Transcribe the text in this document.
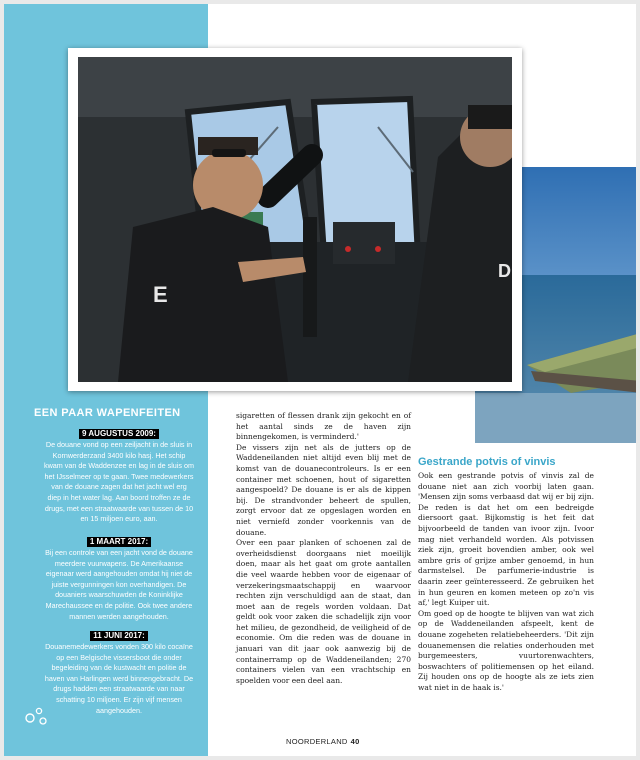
EEN PAAR WAPENFEITEN
9 AUGUSTUS 2009:

De douane vond op een zeiljacht in de sluis in Kornwerderzand 3400 kilo hasj. Het schip kwam van de Waddenzee en lag in de sluis om het IJsselmeer op te gaan. Twee medewerkers van de douane zagen dat het jacht wel erg diep in het water lag. Aan boord troffen ze de drugs, met een straatwaarde van tussen de 10 en 15 miljoen euro, aan.

1 MAART 2017:

Bij een controle van een jacht vond de douane meerdere vuurwapens. De Amerikaanse eigenaar werd aangehouden omdat hij niet de juiste vergunningen kon overhandigen. De douaniers waarschuwden de Koninklijke Marechaussee en de politie. Ook twee andere mannen werden aangehouden.

11 JUNI 2017:

Douanemedewerkers vonden 300 kilo cocaïne op een Belgische vissersboot die onder begeleiding van de kustwacht en politie de haven van Harlingen werd binnengebracht. De drugs hadden een straatwaarde van naar schatting 10 miljoen. Er zijn vijf mensen aangehouden.

E
D

sigaretten of flessen drank zijn gekocht en of het aantal sinds ze de haven zijn binnengekomen, is verminderd.'

De vissers zijn net als de jutters op de Waddeneilanden niet altijd even blij met de komst van de douanecontroleurs. Is er een container met schoenen, hout of sigaretten aangespoeld? De douane is er als de kippen bij. De strandvonder beheert de spullen, zorgt ervoor dat ze opgeslagen worden en niet verniefd zonder voorkennis van de douane.

Over een paar planken of schoenen zal de overheidsdienst doorgaans niet moeilijk doen, maar als het gaat om grote aantallen die veel waarde hebben voor de eigenaar of verzekeringsmaatschappij en waarvoor rechten zijn verschuldigd aan de staat, dan moet aan de regels worden voldaan. Dat geldt ook voor zaken die schadelijk zijn voor het milieu, de gezondheid, de veiligheid of de economie. Om die reden was de douane in januari van dit jaar ook aanwezig bij de containerramp op de Waddeneilanden; 270 containers vielen van een vrachtschip en spoelden voor een deel aan.

Gestrande potvis of vinvis

Ook een gestrande potvis of vinvis zal de douane niet aan zich voorbij laten gaan. 'Mensen zijn soms verbaasd dat wij er bij zijn. De reden is dat het om een bedreigde diersoort gaat. Bijkomstig is het feit dat bijvoorbeeld de tanden van ivoor zijn. Ivoor mag niet verhandeld worden. Als potvissen ziek zijn, groeit bovendien amber, ook wel ambre gris of grijze amber genoemd, in hun darmstelsel. De parfumerie-industrie is daarin zeer geïnteresseerd. Ze gebruiken het in hun geuren en komen meteen op zo'n vis af,' legt Kuiper uit.

Om goed op de hoogte te blijven van wat zich op de Waddeneilanden afspeelt, kent de douane zogeheten relatiebeheerders. 'Dit zijn douanemensen die relaties onderhouden met burgemeesters, vuurtorenwachters, boswachters of politiemensen op het eiland. Zij houden ons op de hoogte als ze iets zien wat niet in de haak is.'

NOORDERLAND 40
